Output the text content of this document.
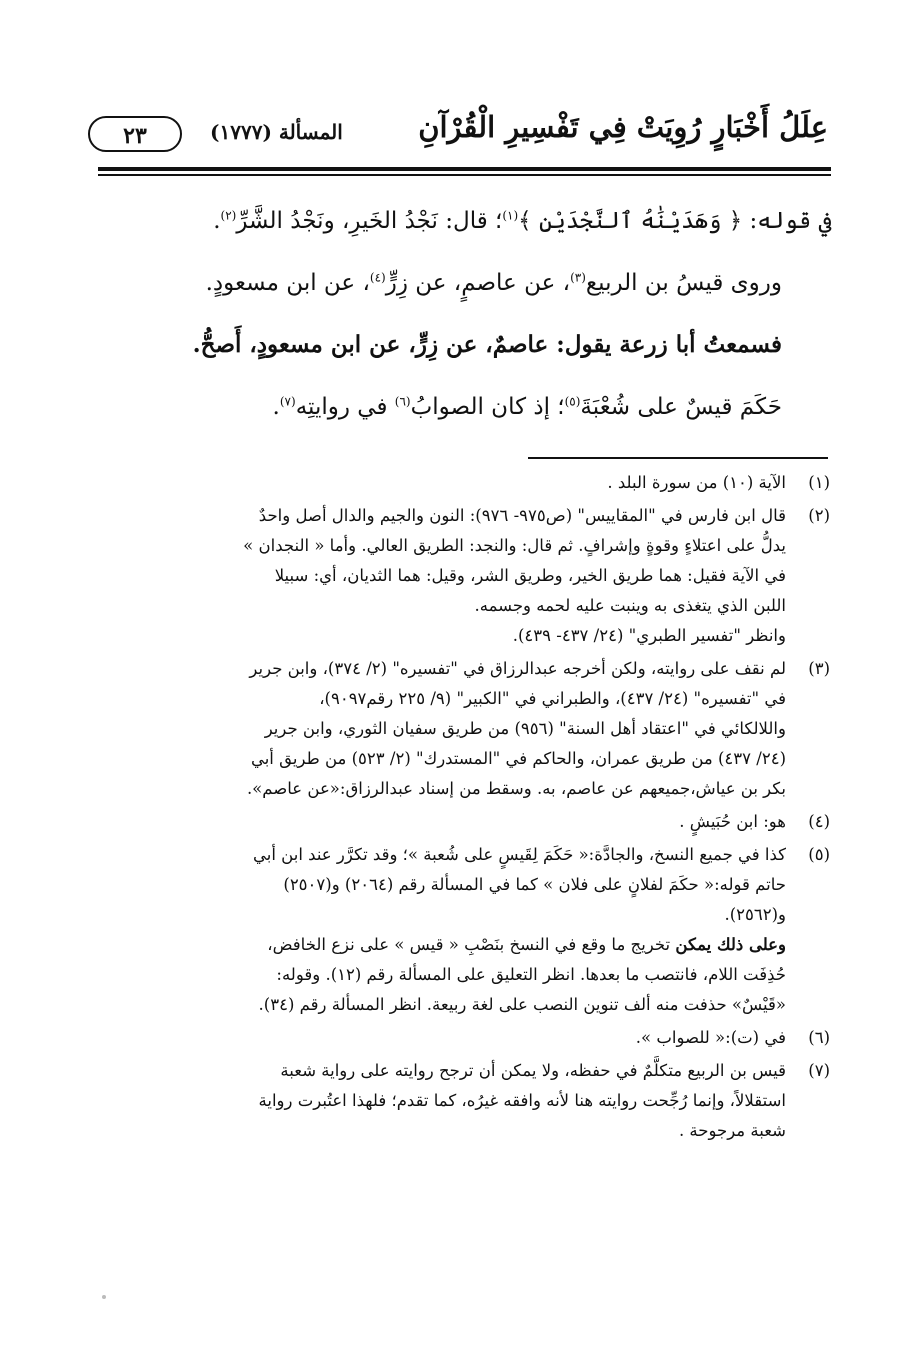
عِلَلُ أَخْبَارٍ رُوِيَتْ فِي تَفْسِيرِ الْقُرْآنِ
المسألة (١٧٧٧)
٢٣
في قوله: ﴿ وَهَدَيْنَٰهُ ٱلنَّجْدَيْنِ ﴾$^{(١)}$؛ قال: نَجْدُ الخَيرِ، ونَجْدُ الشَّرِّ$^{(٢)}$.
وروى قيسُ بن الربيع$^{(٣)}$، عن عاصمٍ، عن زِرٍّ$^{(٤)}$، عن ابن مسعودٍ.
فسمعتُ أبا زرعة يقول: عاصمٌ، عن زِرٍّ، عن ابن مسعودٍ، أَصحُّ.
حَكَمَ قيسٌ على شُعْبَةَ$^{(٥)}$؛ إذ كان الصوابُ$^{(٦)}$ في روايتِه$^{(٧)}$.
(١)
الآية (١٠) من سورة البلد .
(٢)
قال ابن فارس في "المقاييس" (ص٩٧٥- ٩٧٦): النون والجيم والدال أصل واحدٌ
يدلُّ على اعتلاءٍ وقوةٍ وإشرافٍ. ثم قال: والنجد: الطريق العالي. وأما « النجدان »
في الآية فقيل: هما طريق الخير، وطريق الشر، وقيل: هما الثديان، أي: سبيلا
اللبن الذي يتغذى به وينبت عليه لحمه وجسمه.
وانظر "تفسير الطبري" (٢٤/ ٤٣٧- ٤٣٩).
(٣)
لم نقف على روايته، ولكن أخرجه عبدالرزاق في "تفسيره" (٢/ ٣٧٤)، وابن جرير
في "تفسيره" (٢٤/ ٤٣٧)، والطبراني في "الكبير" (٩/ ٢٢٥ رقم٩٠٩٧)،
واللالكائي في "اعتقاد أهل السنة" (٩٥٦) من طريق سفيان الثوري، وابن جرير
(٢٤/ ٤٣٧) من طريق عمران، والحاكم في "المستدرك" (٢/ ٥٢٣) من طريق أبي
بكر بن عياش،جميعهم عن عاصم، به. وسقط من إسناد عبدالرزاق:«عن عاصم».
(٤)
هو: ابن حُبَيشٍ .
(٥)
كذا في جميع النسخ، والجادَّة:« حَكَمَ لِقَيسٍ على شُعبة »؛ وقد تكرَّر عند ابن أبي
حاتم قوله:« حكَمَ لفلانٍ على فلان » كما في المسألة رقم (٢٠٦٤) و(٢٥٠٧)
و(٢٥٦٢).
وعلى ذلك يمكن تخريج ما وقع في النسخ بنَصْبِ « قيس » على نزع الخافض،
حُذِفَت اللام، فانتصب ما بعدها. انظر التعليق على المسألة رقم (١٢). وقوله:
«قَيْسٌ» حذفت منه ألف تنوين النصب على لغة ربيعة. انظر المسألة رقم (٣٤).
(٦)
في (ت):« للصواب ».
(٧)
قيس بن الربيع متكلَّمٌ في حفظه، ولا يمكن أن ترجح روايته على رواية شعبة
استقلالاً، وإنما رُجِّحت روايته هنا لأنه وافقه غيرُه، كما تقدم؛ فلهذا اعتُبرت رواية
شعبة مرجوحة .
